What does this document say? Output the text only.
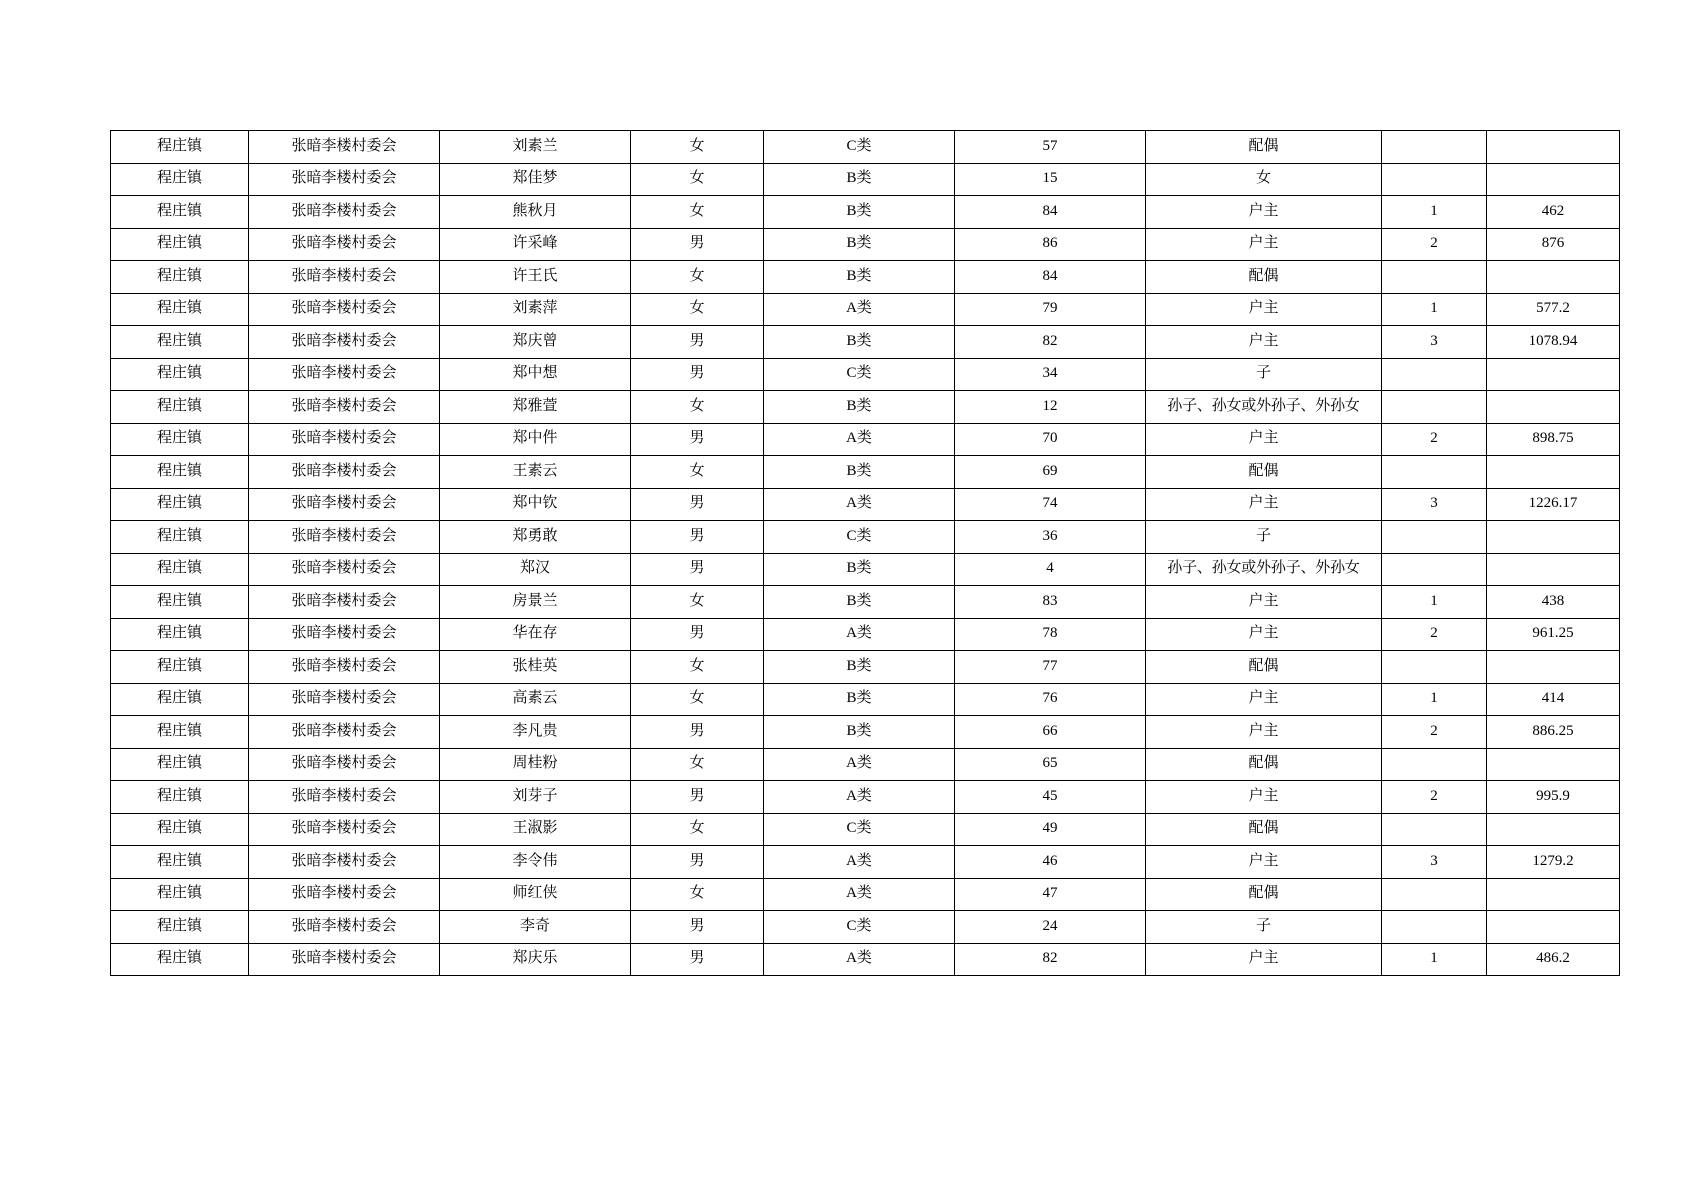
程庄镇	张暗李楼村委会	刘素兰	女	C类	57	配偶		
程庄镇	张暗李楼村委会	郑佳梦	女	B类	15	女		
程庄镇	张暗李楼村委会	熊秋月	女	B类	84	户主	1	462
程庄镇	张暗李楼村委会	许采峰	男	B类	86	户主	2	876
程庄镇	张暗李楼村委会	许王氏	女	B类	84	配偶		
程庄镇	张暗李楼村委会	刘素萍	女	A类	79	户主	1	577.2
程庄镇	张暗李楼村委会	郑庆曾	男	B类	82	户主	3	1078.94
程庄镇	张暗李楼村委会	郑中想	男	C类	34	子		
程庄镇	张暗李楼村委会	郑雅萱	女	B类	12	孙子、孙女或外孙子、外孙女		
程庄镇	张暗李楼村委会	郑中件	男	A类	70	户主	2	898.75
程庄镇	张暗李楼村委会	王素云	女	B类	69	配偶		
程庄镇	张暗李楼村委会	郑中钦	男	A类	74	户主	3	1226.17
程庄镇	张暗李楼村委会	郑勇敢	男	C类	36	子		
程庄镇	张暗李楼村委会	郑汉	男	B类	4	孙子、孙女或外孙子、外孙女		
程庄镇	张暗李楼村委会	房景兰	女	B类	83	户主	1	438
程庄镇	张暗李楼村委会	华在存	男	A类	78	户主	2	961.25
程庄镇	张暗李楼村委会	张桂英	女	B类	77	配偶		
程庄镇	张暗李楼村委会	高素云	女	B类	76	户主	1	414
程庄镇	张暗李楼村委会	李凡贵	男	B类	66	户主	2	886.25
程庄镇	张暗李楼村委会	周桂粉	女	A类	65	配偶		
程庄镇	张暗李楼村委会	刘芽子	男	A类	45	户主	2	995.9
程庄镇	张暗李楼村委会	王淑影	女	C类	49	配偶		
程庄镇	张暗李楼村委会	李令伟	男	A类	46	户主	3	1279.2
程庄镇	张暗李楼村委会	师红侠	女	A类	47	配偶		
程庄镇	张暗李楼村委会	李奇	男	C类	24	子		
程庄镇	张暗李楼村委会	郑庆乐	男	A类	82	户主	1	486.2
